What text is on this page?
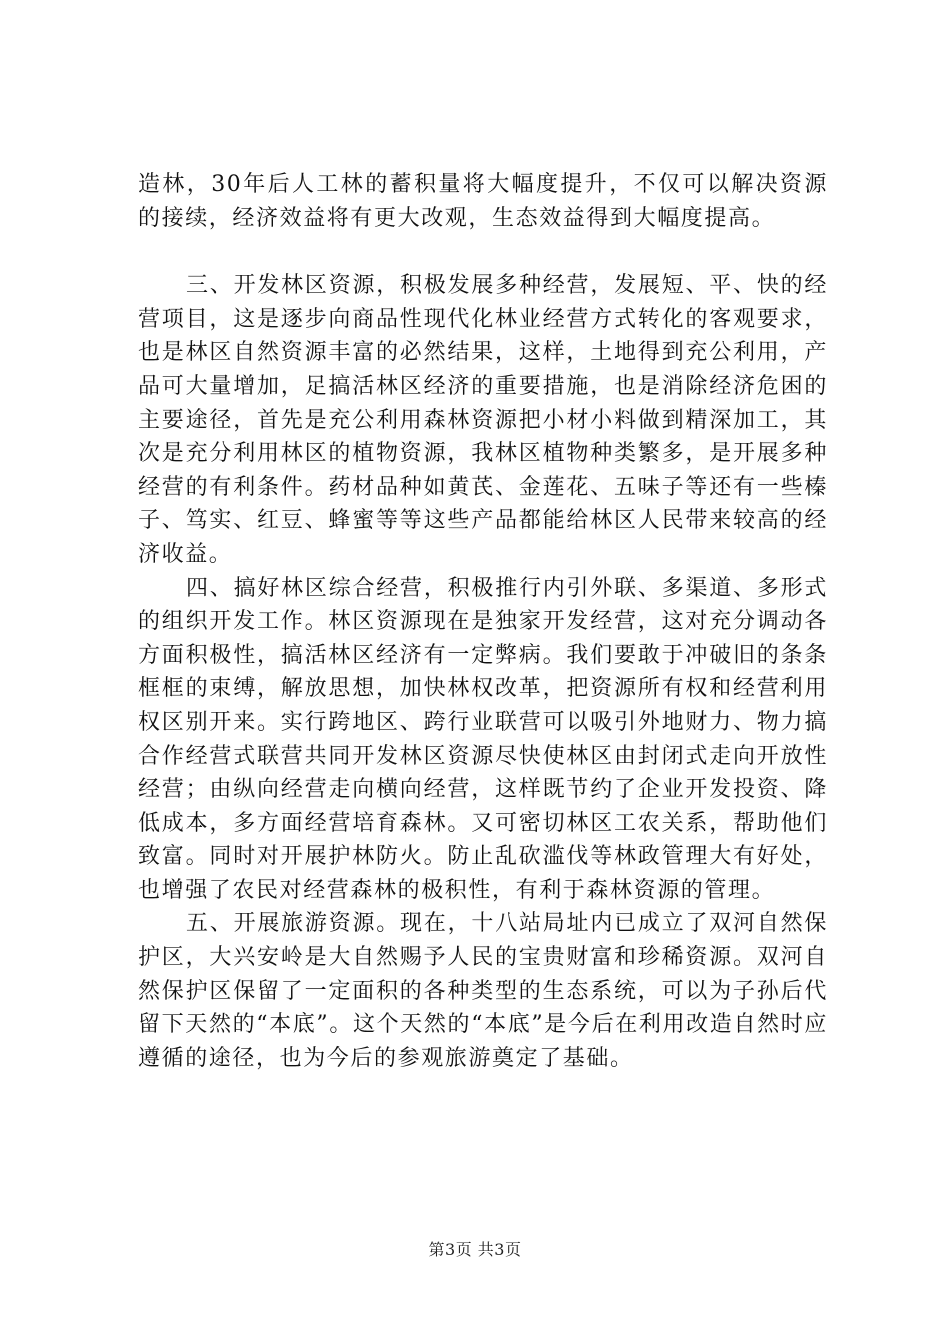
造林，30年后人工林的蓄积量将大幅度提升，不仅可以解决资源的接续，经济效益将有更大改观，生态效益得到大幅度提高。

三、开发林区资源，积极发展多种经营，发展短、平、快的经营项目，这是逐步向商品性现代化林业经营方式转化的客观要求，也是林区自然资源丰富的必然结果，这样，土地得到充公利用，产品可大量增加，足搞活林区经济的重要措施，也是消除经济危困的主要途径，首先是充公利用森林资源把小材小料做到精深加工，其次是充分利用林区的植物资源，我林区植物种类繁多，是开展多种经营的有利条件。药材品种如黄芪、金莲花、五味子等还有一些榛子、笃实、红豆、蜂蜜等等这些产品都能给林区人民带来较高的经济收益。

四、搞好林区综合经营，积极推行内引外联、多渠道、多形式的组织开发工作。林区资源现在是独家开发经营，这对充分调动各方面积极性，搞活林区经济有一定弊病。我们要敢于冲破旧的条条框框的束缚，解放思想，加快林权改革，把资源所有权和经营利用权区别开来。实行跨地区、跨行业联营可以吸引外地财力、物力搞合作经营式联营共同开发林区资源尽快使林区由封闭式走向开放性经营；由纵向经营走向横向经营，这样既节约了企业开发投资、降低成本，多方面经营培育森林。又可密切林区工农关系，帮助他们致富。同时对开展护林防火。防止乱砍滥伐等林政管理大有好处，也增强了农民对经营森林的极积性，有利于森林资源的管理。

五、开展旅游资源。现在，十八站局址内已成立了双河自然保护区，大兴安岭是大自然赐予人民的宝贵财富和珍稀资源。双河自然保护区保留了一定面积的各种类型的生态系统，可以为子孙后代留下天然的“本底”。这个天然的“本底”是今后在利用改造自然时应遵循的途径，也为今后的参观旅游奠定了基础。

第3页 共3页
